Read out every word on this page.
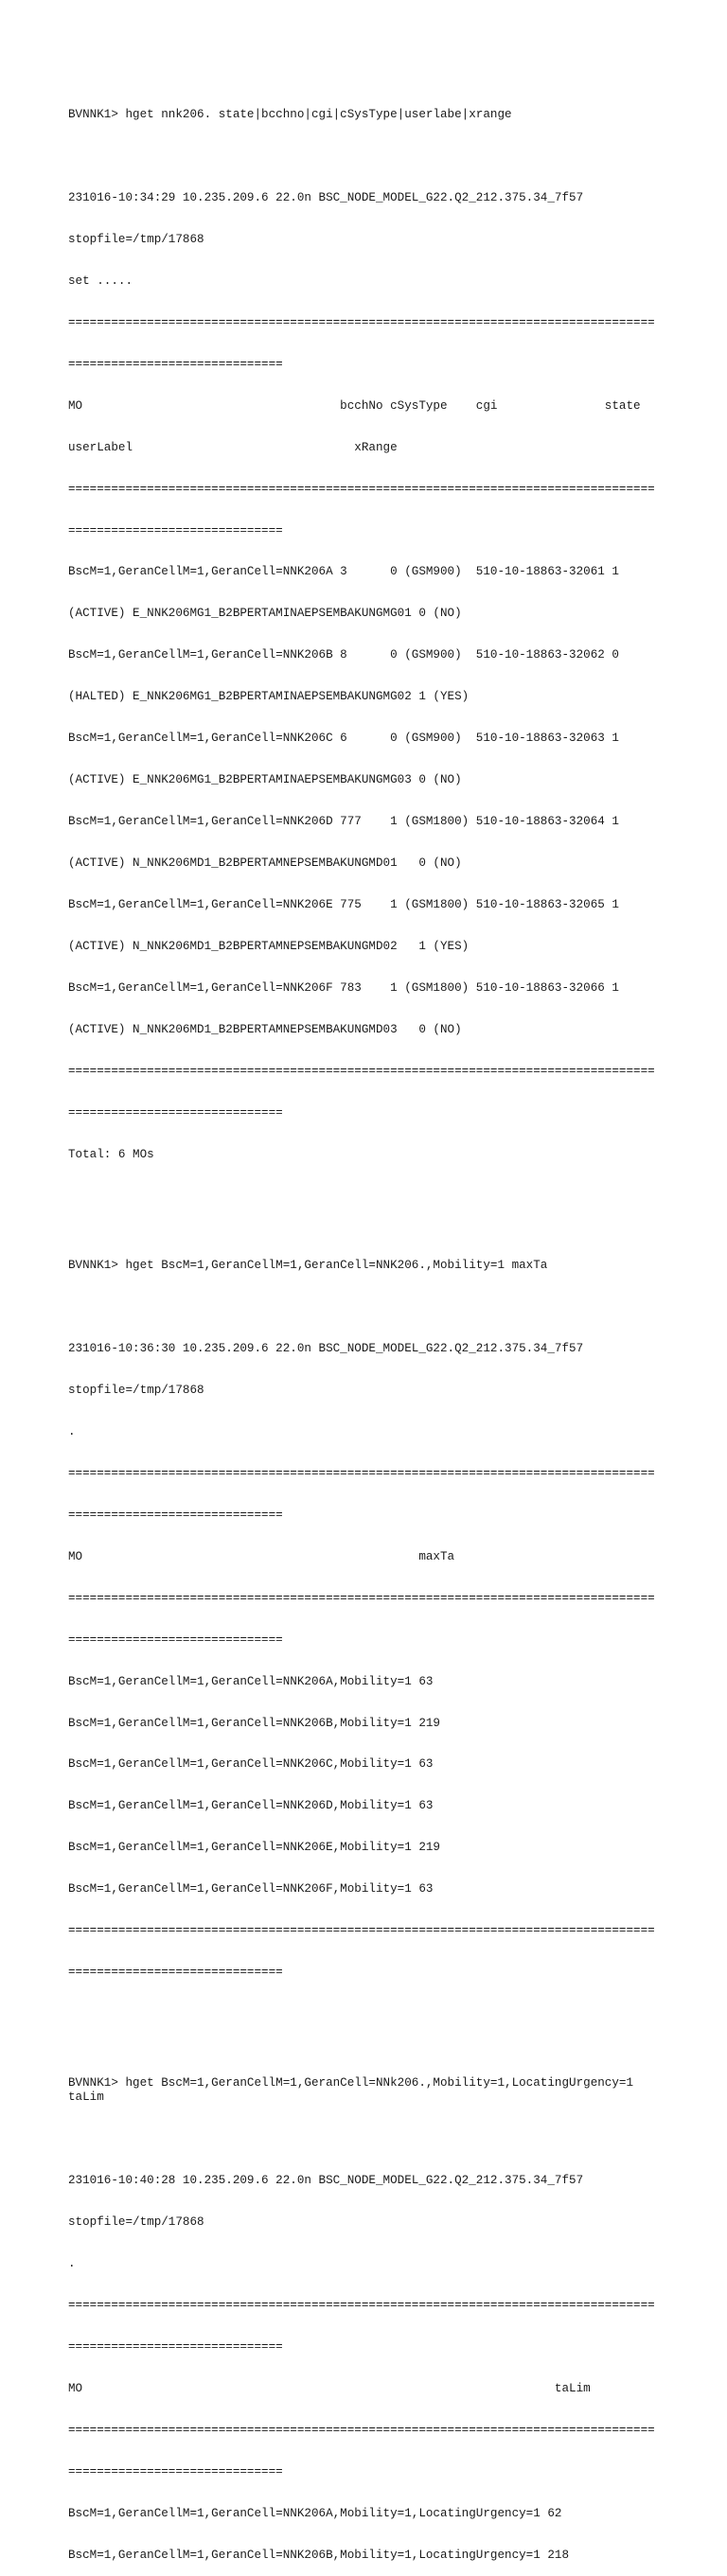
BVNNK1> hget nnk206. state|bcchno|cgi|cSysType|userlabe|xrange

231016-10:34:29 10.235.209.6 22.0n BSC_NODE_MODEL_G22.Q2_212.375.34_7f57

stopfile=/tmp/17868

set .....

==================================================================================

==============================

MO                                    bcchNo cSysType    cgi               state

userLabel                               xRange

==================================================================================

==============================

BscM=1,GeranCellM=1,GeranCell=NNK206A 3      0 (GSM900)  510-10-18863-32061 1

(ACTIVE) E_NNK206MG1_B2BPERTAMINAEPSEMBAKUNGMG01 0 (NO)

BscM=1,GeranCellM=1,GeranCell=NNK206B 8      0 (GSM900)  510-10-18863-32062 0

(HALTED) E_NNK206MG1_B2BPERTAMINAEPSEMBAKUNGMG02 1 (YES)

BscM=1,GeranCellM=1,GeranCell=NNK206C 6      0 (GSM900)  510-10-18863-32063 1

(ACTIVE) E_NNK206MG1_B2BPERTAMINAEPSEMBAKUNGMG03 0 (NO)

BscM=1,GeranCellM=1,GeranCell=NNK206D 777    1 (GSM1800) 510-10-18863-32064 1

(ACTIVE) N_NNK206MD1_B2BPERTAMNEPSEMBAKUNGMD01   0 (NO)

BscM=1,GeranCellM=1,GeranCell=NNK206E 775    1 (GSM1800) 510-10-18863-32065 1

(ACTIVE) N_NNK206MD1_B2BPERTAMNEPSEMBAKUNGMD02   1 (YES)

BscM=1,GeranCellM=1,GeranCell=NNK206F 783    1 (GSM1800) 510-10-18863-32066 1

(ACTIVE) N_NNK206MD1_B2BPERTAMNEPSEMBAKUNGMD03   0 (NO)

==================================================================================

==============================

Total: 6 MOs

BVNNK1> hget BscM=1,GeranCellM=1,GeranCell=NNK206.,Mobility=1 maxTa

231016-10:36:30 10.235.209.6 22.0n BSC_NODE_MODEL_G22.Q2_212.375.34_7f57

stopfile=/tmp/17868

.

==================================================================================

==============================

MO                                               maxTa

==================================================================================

==============================

BscM=1,GeranCellM=1,GeranCell=NNK206A,Mobility=1 63

BscM=1,GeranCellM=1,GeranCell=NNK206B,Mobility=1 219

BscM=1,GeranCellM=1,GeranCell=NNK206C,Mobility=1 63

BscM=1,GeranCellM=1,GeranCell=NNK206D,Mobility=1 63

BscM=1,GeranCellM=1,GeranCell=NNK206E,Mobility=1 219

BscM=1,GeranCellM=1,GeranCell=NNK206F,Mobility=1 63

==================================================================================

==============================

BVNNK1> hget BscM=1,GeranCellM=1,GeranCell=NNk206.,Mobility=1,LocatingUrgency=1
taLim

231016-10:40:28 10.235.209.6 22.0n BSC_NODE_MODEL_G22.Q2_212.375.34_7f57

stopfile=/tmp/17868

.

==================================================================================

==============================

MO                                                                  taLim

==================================================================================

==============================

BscM=1,GeranCellM=1,GeranCell=NNK206A,Mobility=1,LocatingUrgency=1 62

BscM=1,GeranCellM=1,GeranCell=NNK206B,Mobility=1,LocatingUrgency=1 218
